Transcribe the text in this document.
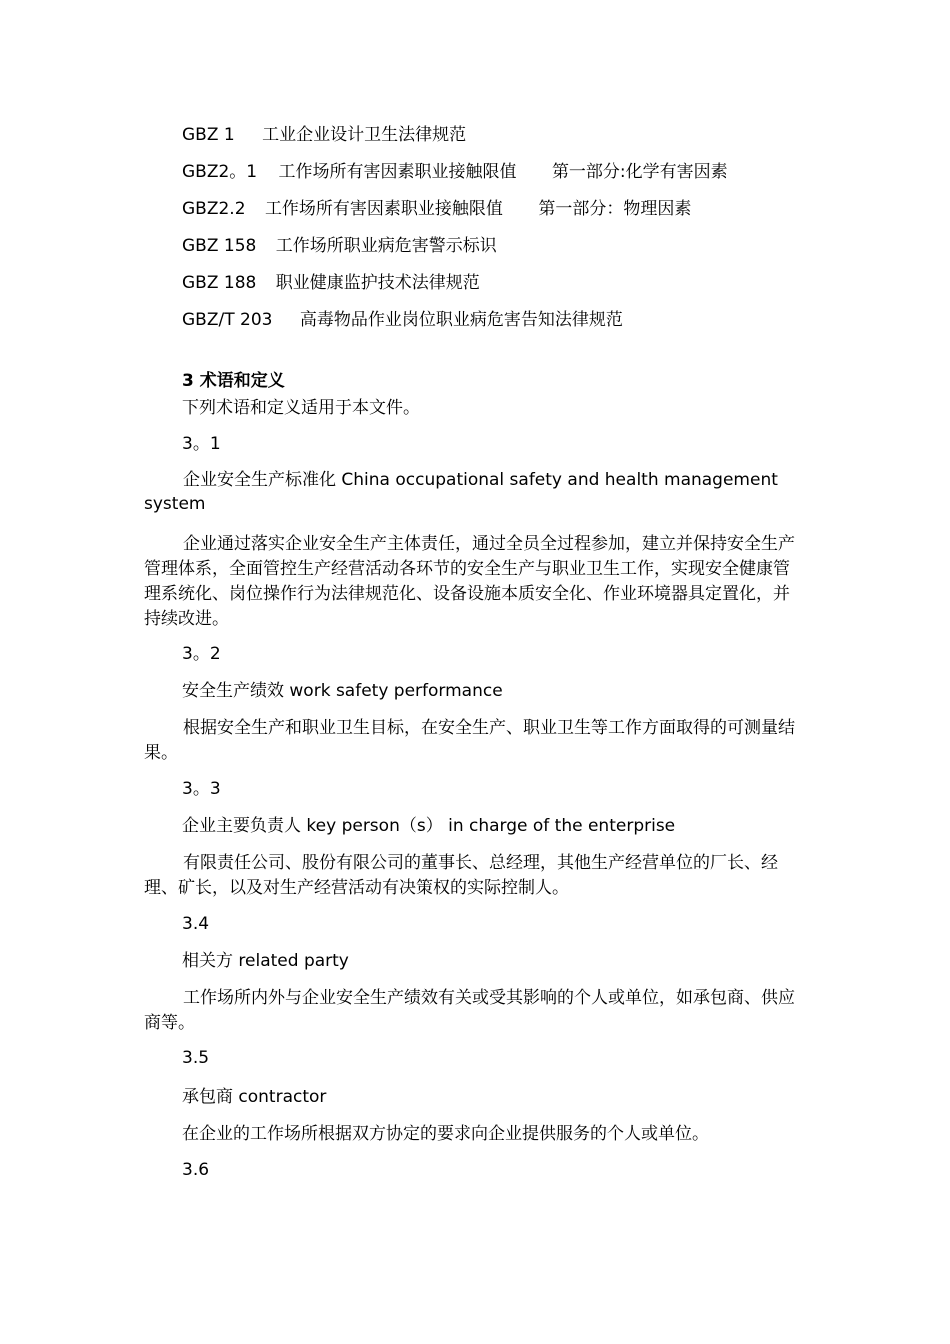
GBZ 1 工业企业设计卫生法律规范
GBZ2。1 工作场所有害因素职业接触限值 第一部分:化学有害因素
GBZ2.2 工作场所有害因素职业接触限值 第一部分：物理因素
GBZ 158 工作场所职业病危害警示标识
GBZ 188 职业健康监护技术法律规范
GBZ/T 203 高毒物品作业岗位职业病危害告知法律规范
3 术语和定义
下列术语和定义适用于本文件。
3。1

企业安全生产标准化 China occupational safety and health management system

企业通过落实企业安全生产主体责任，通过全员全过程参加，建立并保持安全生产管理体系，全面管控生产经营活动各环节的安全生产与职业卫生工作，实现安全健康管理系统化、岗位操作行为法律规范化、设备设施本质安全化、作业环境器具定置化，并持续改进。

3。2
安全生产绩效 work safety performance

根据安全生产和职业卫生目标，在安全生产、职业卫生等工作方面取得的可测量结果。

3。3
企业主要负责人 key person（s） in charge of the enterprise

有限责任公司、股份有限公司的董事长、总经理，其他生产经营单位的厂长、经理、矿长，以及对生产经营活动有决策权的实际控制人。

3.4
相关方 related party

工作场所内外与企业安全生产绩效有关或受其影响的个人或单位，如承包商、供应商等。

3.5
承包商 contractor
在企业的工作场所根据双方协定的要求向企业提供服务的个人或单位。
3.6
